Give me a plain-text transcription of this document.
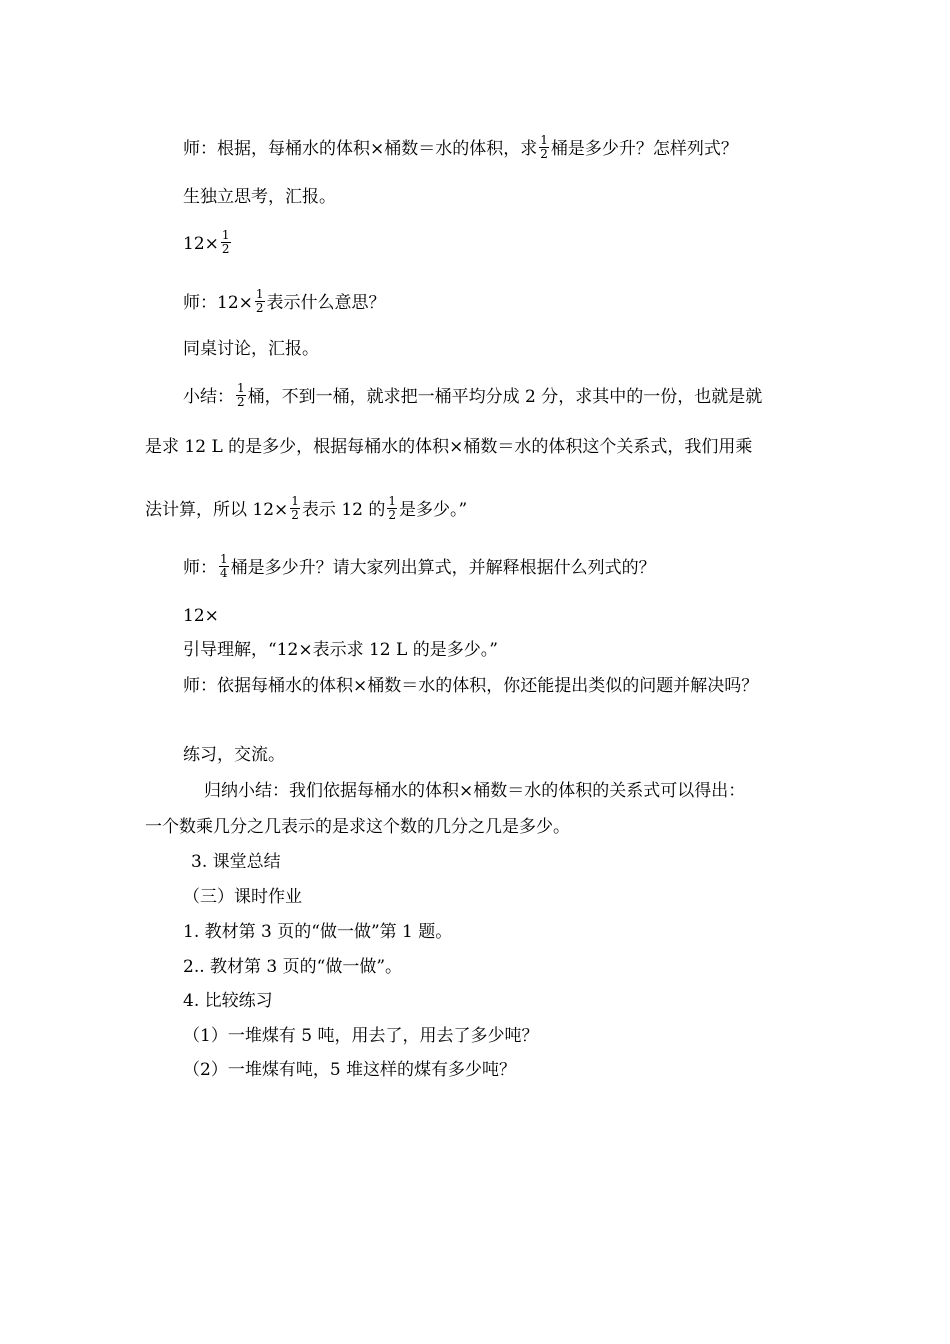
师：根据，每桶水的体积×桶数＝水的体积，求 $\frac{1}{2}$ 桶是多少升？怎样列式？
生独立思考，汇报。
$12\times \frac{1}{2}$
师：$12\times \frac{1}{2}$ 表示什么意思？
同桌讨论，汇报。
小结： $\frac{1}{2}$ 桶，不到一桶，就求把一桶平均分成 2 分，求其中的一份，也就是就
是求 12 L 的是多少，根据每桶水的体积×桶数＝水的体积这个关系式，我们用乘
法计算，所以 $12\times \frac{1}{2}$ 表示 12 的 $\frac{1}{2}$ 是多少。”
师： $\frac{1}{4}$ 桶是多少升？请大家列出算式，并解释根据什么列式的？
12×
引导理解，“12×表示求 12 L 的是多少。”
师：依据每桶水的体积×桶数＝水的体积，你还能提出类似的问题并解决吗？
练习，交流。
归纳小结：我们依据每桶水的体积×桶数＝水的体积的关系式可以得出：
一个数乘几分之几表示的是求这个数的几分之几是多少。
3. 课堂总结
（三）课时作业
1. 教材第 3 页的“做一做”第 1 题。
2.. 教材第 3 页的“做一做”。
4. 比较练习
（1）一堆煤有 5 吨，用去了，用去了多少吨？
（2）一堆煤有吨，5 堆这样的煤有多少吨？
